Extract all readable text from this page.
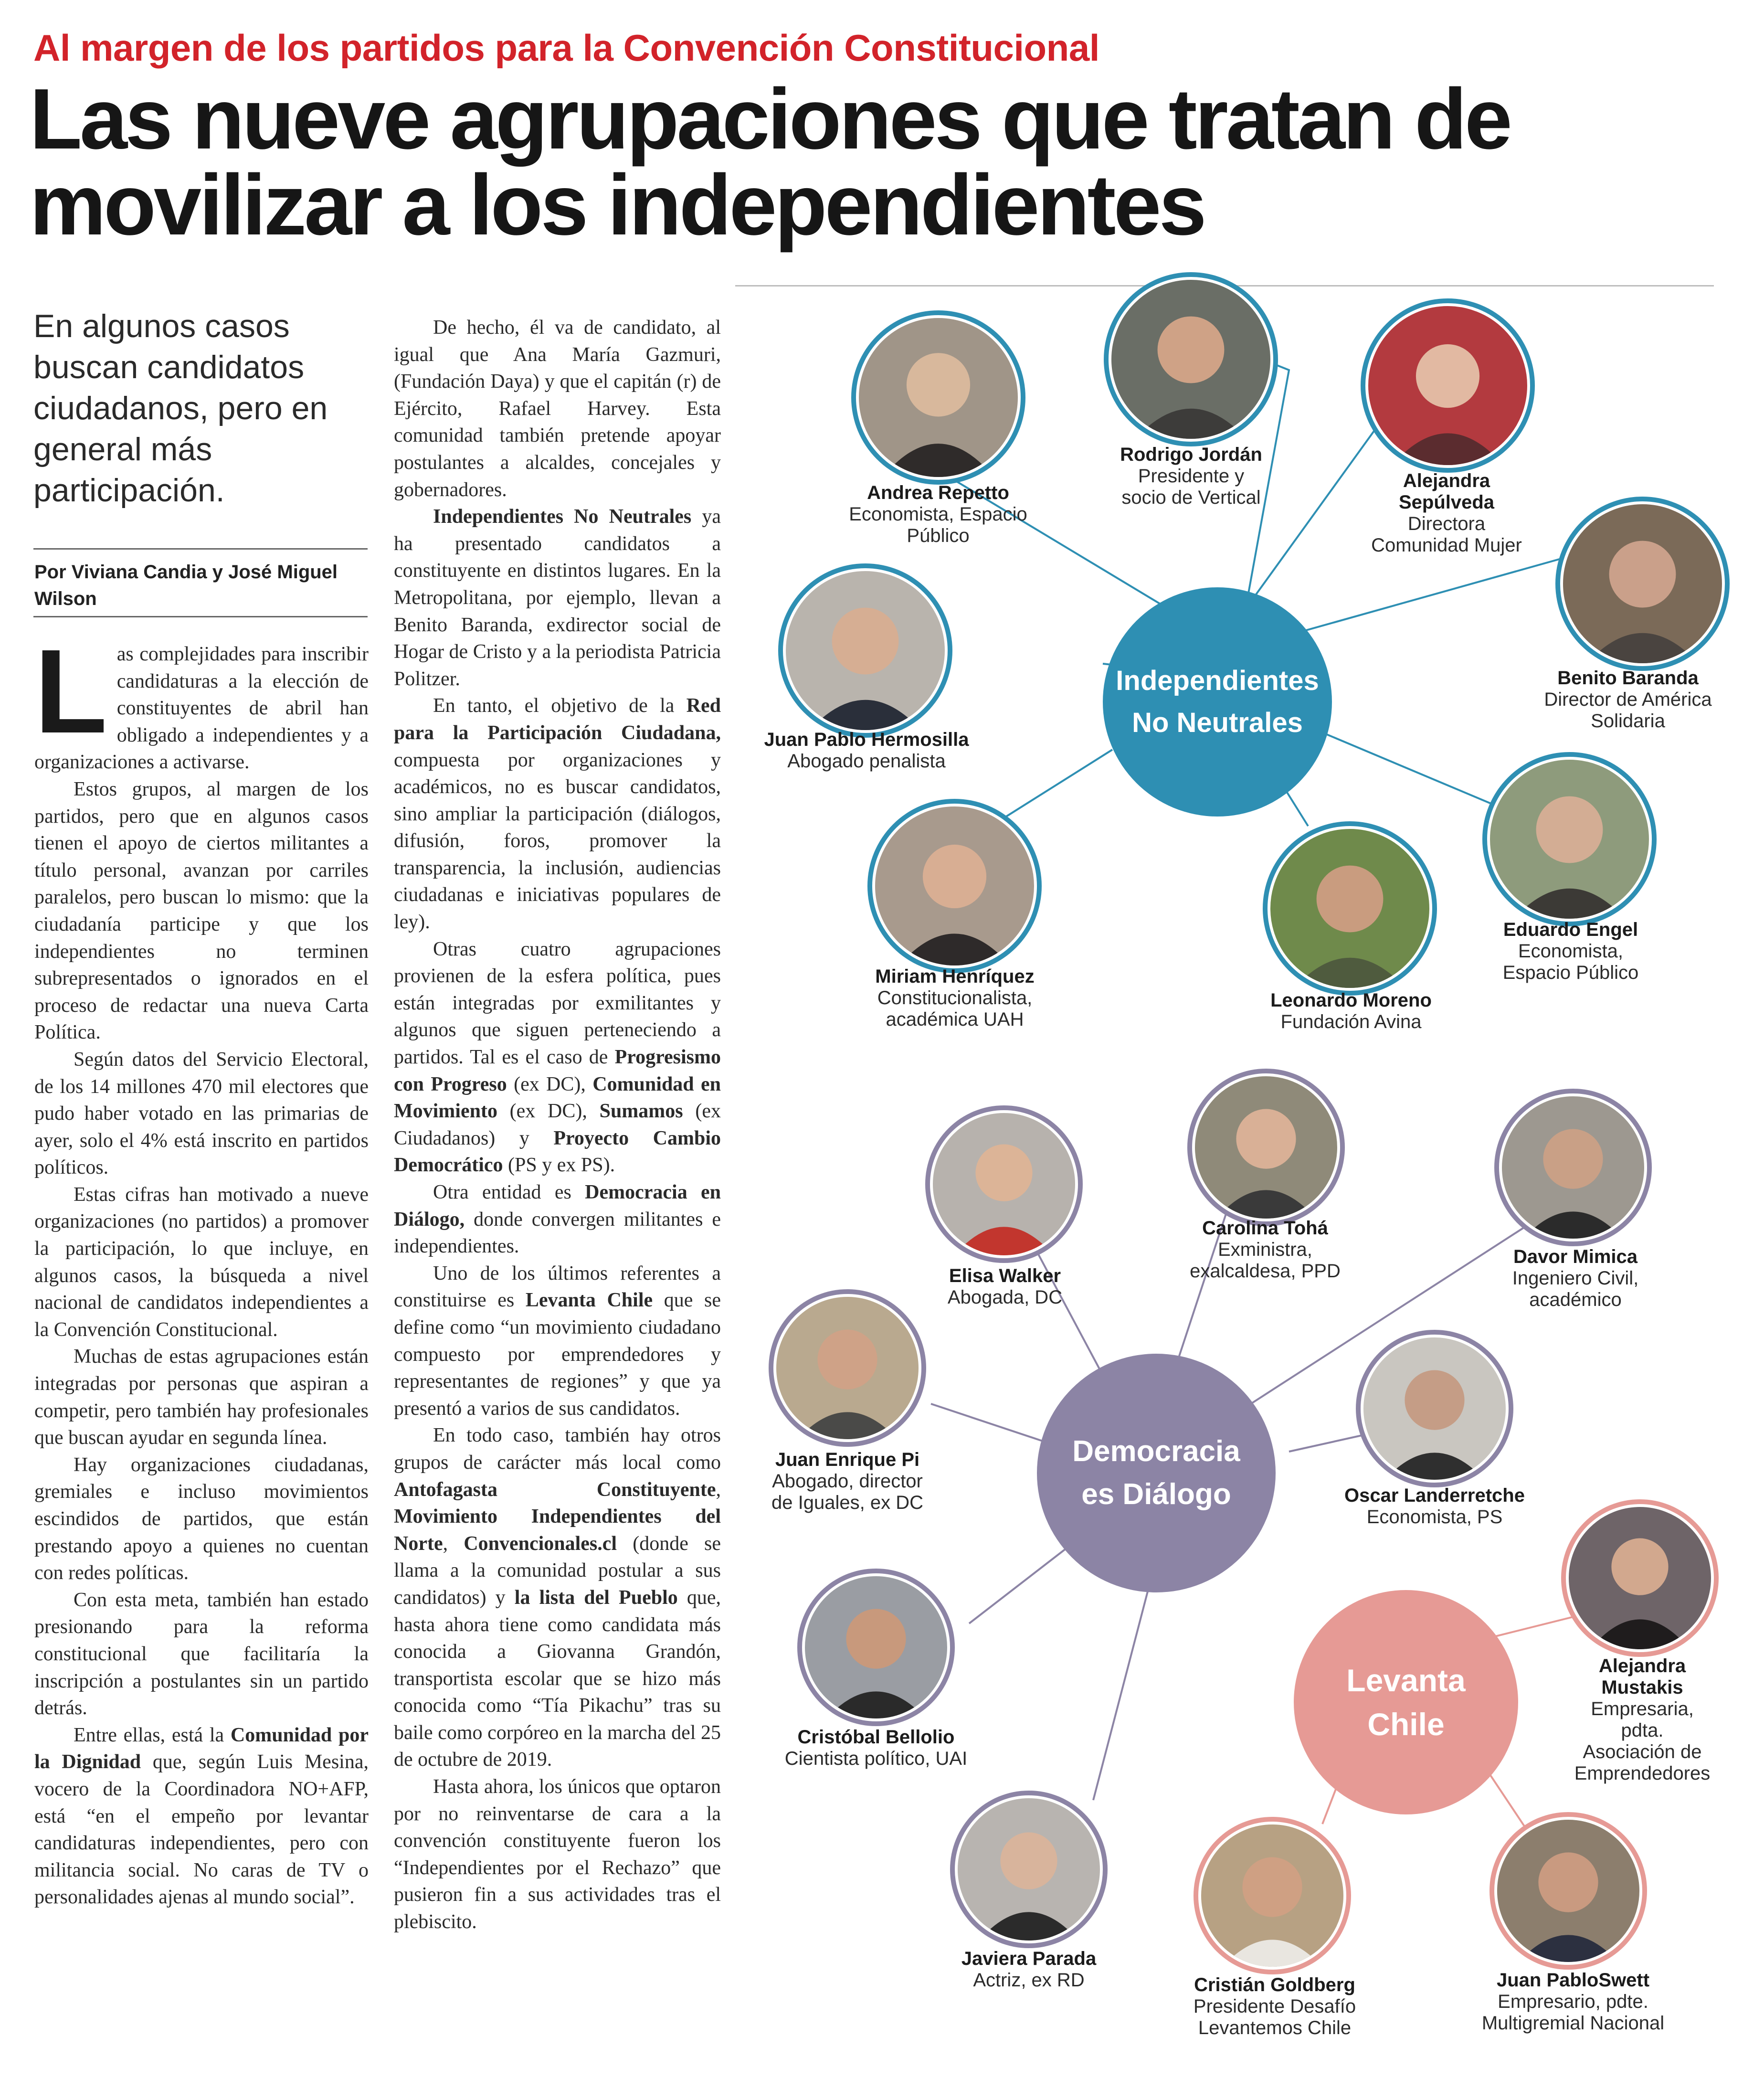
Al margen de los partidos para la Convención Constitucional
Las nueve agrupaciones que tratan de
movilizar a los independientes
En algunos casos buscan candidatos ciudadanos, pero en general más participación.
Por Viviana Candia y José Miguel Wilson

Las complejidades para inscribir candidaturas a la elección de constituyentes de abril han obligado a independientes y a organizaciones a activarse.

Estos grupos, al margen de los partidos, pero que en algunos casos tienen el apoyo de ciertos militantes a título personal, avanzan por carriles paralelos, pero buscan lo mismo: que la ciudadanía participe y que los independientes no terminen subrepresentados o ignorados en el proceso de redactar una nueva Carta Política.

Según datos del Servicio Electoral, de los 14 millones 470 mil electores que pudo haber votado en las primarias de ayer, solo el 4% está inscrito en partidos políticos.

Estas cifras han motivado a nueve organizaciones (no partidos) a promover la participación, lo que incluye, en algunos casos, la búsqueda a nivel nacional de candidatos independientes a la Convención Constitucional.

Muchas de estas agrupaciones están integradas por personas que aspiran a competir, pero también hay profesionales que buscan ayudar en segunda línea.

Hay organizaciones ciudadanas, gremiales e incluso movimientos escindidos de partidos, que están prestando apoyo a quienes no cuentan con redes políticas.

Con esta meta, también han estado presionando para la reforma constitucional que facilitaría la inscripción a postulantes sin un partido detrás.

Entre ellas, está la Comunidad por la Dignidad que, según Luis Mesina, vocero de la Coordinadora NO+AFP, está “en el empeño por levantar candidaturas independientes, pero con militancia social. No caras de TV o personalidades ajenas al mundo social”.

De hecho, él va de candidato, al igual que Ana María Gazmuri, (Fundación Daya) y que el capitán (r) de Ejército, Rafael Harvey. Esta comunidad también pretende apoyar postulantes a alcaldes, concejales y gobernadores.

Independientes No Neutrales ya ha presentado candidatos a constituyente en distintos lugares. En la Metropolitana, por ejemplo, llevan a Benito Baranda, exdirector social de Hogar de Cristo y a la periodista Patricia Politzer.

En tanto, el objetivo de la Red para la Participación Ciudadana, compuesta por organizaciones y académicos, no es buscar candidatos, sino ampliar la participación (diálogos, difusión, foros, promover la transparencia, la inclusión, audiencias ciudadanas e iniciativas populares de ley).

Otras cuatro agrupaciones provienen de la esfera política, pues están integradas por exmilitantes y algunos que siguen perteneciendo a partidos. Tal es el caso de Progresismo con Progreso (ex DC), Comunidad en Movimiento (ex DC), Sumamos (ex Ciudadanos) y Proyecto Cambio Democrático (PS y ex PS).

Otra entidad es Democracia en Diálogo, donde convergen militantes e independientes.

Uno de los últimos referentes a constituirse es Levanta Chile que se define como “un movimiento ciudadano compuesto por emprendedores y representantes de regiones” y que ya presentó a varios de sus candidatos.

En todo caso, también hay otros grupos de carácter más local como Antofagasta Constituyente, Movimiento Independientes del Norte, Convencionales.cl (donde se llama a la comunidad postular a sus candidatos) y la lista del Pueblo que, hasta ahora tiene como candidata más conocida a Giovanna Grandón, transportista escolar que se hizo más conocida como “Tía Pikachu” tras su baile como corpóreo en la marcha del 25 de octubre de 2019.

Hasta ahora, los únicos que optaron por no reinventarse de cara a la convención constituyente fueron los “Independientes por el Rechazo” que pusieron fin a sus actividades tras el plebiscito.

Independientes
No Neutrales
Democracia
es Diálogo
Levanta
Chile
Andrea Repetto
Economista, Espacio
Público
Rodrigo Jordán
Presidente y
socio de Vertical
Alejandra
Sepúlveda
Directora
Comunidad Mujer
Benito Baranda
Director de América
Solidaria
Juan Pablo Hermosilla
Abogado penalista
Eduardo Engel
Economista,
Espacio Público
Miriam Henríquez
Constitucionalista,
académica UAH
Leonardo Moreno
Fundación Avina
Elisa Walker
Abogada, DC
Carolina Tohá
Exministra,
exalcaldesa, PPD
Davor Mimica
Ingeniero Civil,
académico
Juan Enrique Pi
Abogado, director
de Iguales, ex DC	Oscar Landerretche
Economista, PS
Cristóbal Bellolio
Cientista político, UAI
Alejandra
Mustakis
Empresaria,
pdta.
Asociación de
Emprendedores
Javiera Parada
Actriz, ex RD	Cristián Goldberg
Presidente Desafío
Levantemos Chile
Juan PabloSwett
Empresario, pdte.
Multigremial Nacional
